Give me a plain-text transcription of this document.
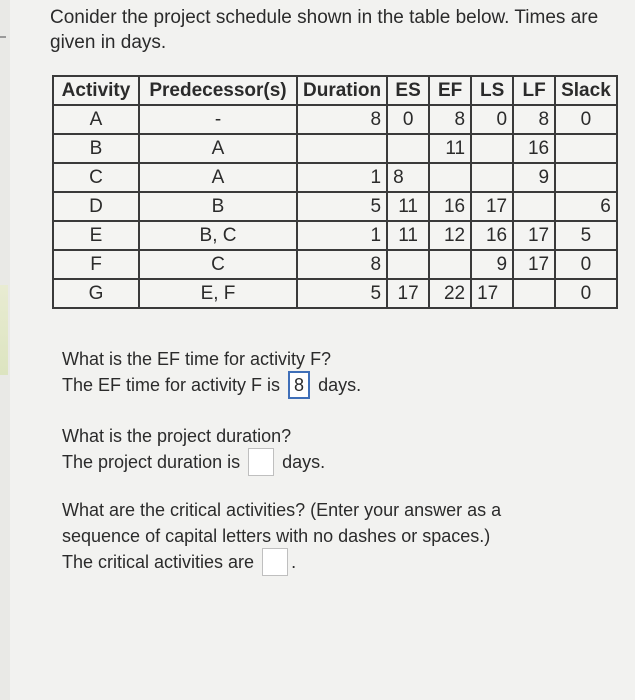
Conider the project schedule shown in the table below. Times are given in days.
Activity	Predecessor(s)	Duration	ES	EF	LS	LF	Slack
A	-	8	0	8	0	8	0
B	A			11		16	
C	A	1	8			9	
D	B	5	11	16	17		6
E	B, C	1	11	12	16	17	5
F	C	8			9	17	0
G	E, F	5	17	22	17		0
What is the EF time for activity F?
The EF time for activity F is 8 days.
What is the project duration?
The project duration is days.
What are the critical activities? (Enter your answer as a sequence of capital letters with no dashes or spaces.)
The critical activities are .
